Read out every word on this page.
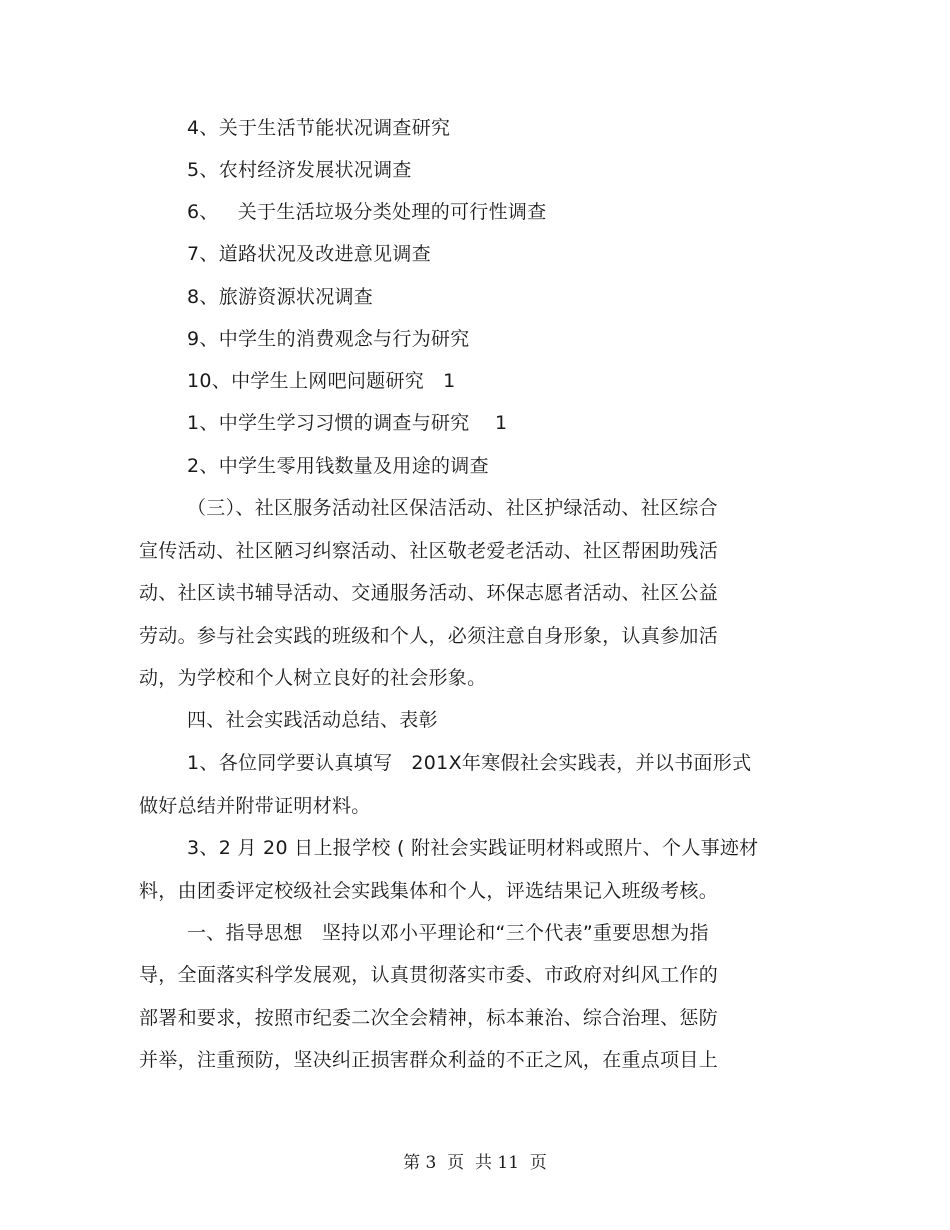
4、关于生活节能状况调查研究
5、农村经济发展状况调查
6、   关于生活垃圾分类处理的可行性调查
7、道路状况及改进意见调查
8、旅游资源状况调查
9、中学生的消费观念与行为研究
10、中学生上网吧问题研究   1
1、中学生学习习惯的调查与研究    1
2、中学生零用钱数量及用途的调查
（三）、社区服务活动社区保洁活动、社区护绿活动、社区综合
宣传活动、社区陋习纠察活动、社区敬老爱老活动、社区帮困助残活
动、社区读书辅导活动、交通服务活动、环保志愿者活动、社区公益
劳动。参与社会实践的班级和个人，必须注意自身形象，认真参加活
动，为学校和个人树立良好的社会形象。
四、社会实践活动总结、表彰
1、各位同学要认真填写   201X年寒假社会实践表，并以书面形式
做好总结并附带证明材料。
3、2 月 20 日上报学校 ( 附社会实践证明材料或照片、个人事迹材
料，由团委评定校级社会实践集体和个人，评选结果记入班级考核。
一、指导思想   坚持以邓小平理论和“三个代表”重要思想为指
导，全面落实科学发展观，认真贯彻落实市委、市政府对纠风工作的
部署和要求，按照市纪委二次全会精神，标本兼治、综合治理、惩防
并举，注重预防，坚决纠正损害群众利益的不正之风，在重点项目上
第 3  页  共 11  页
